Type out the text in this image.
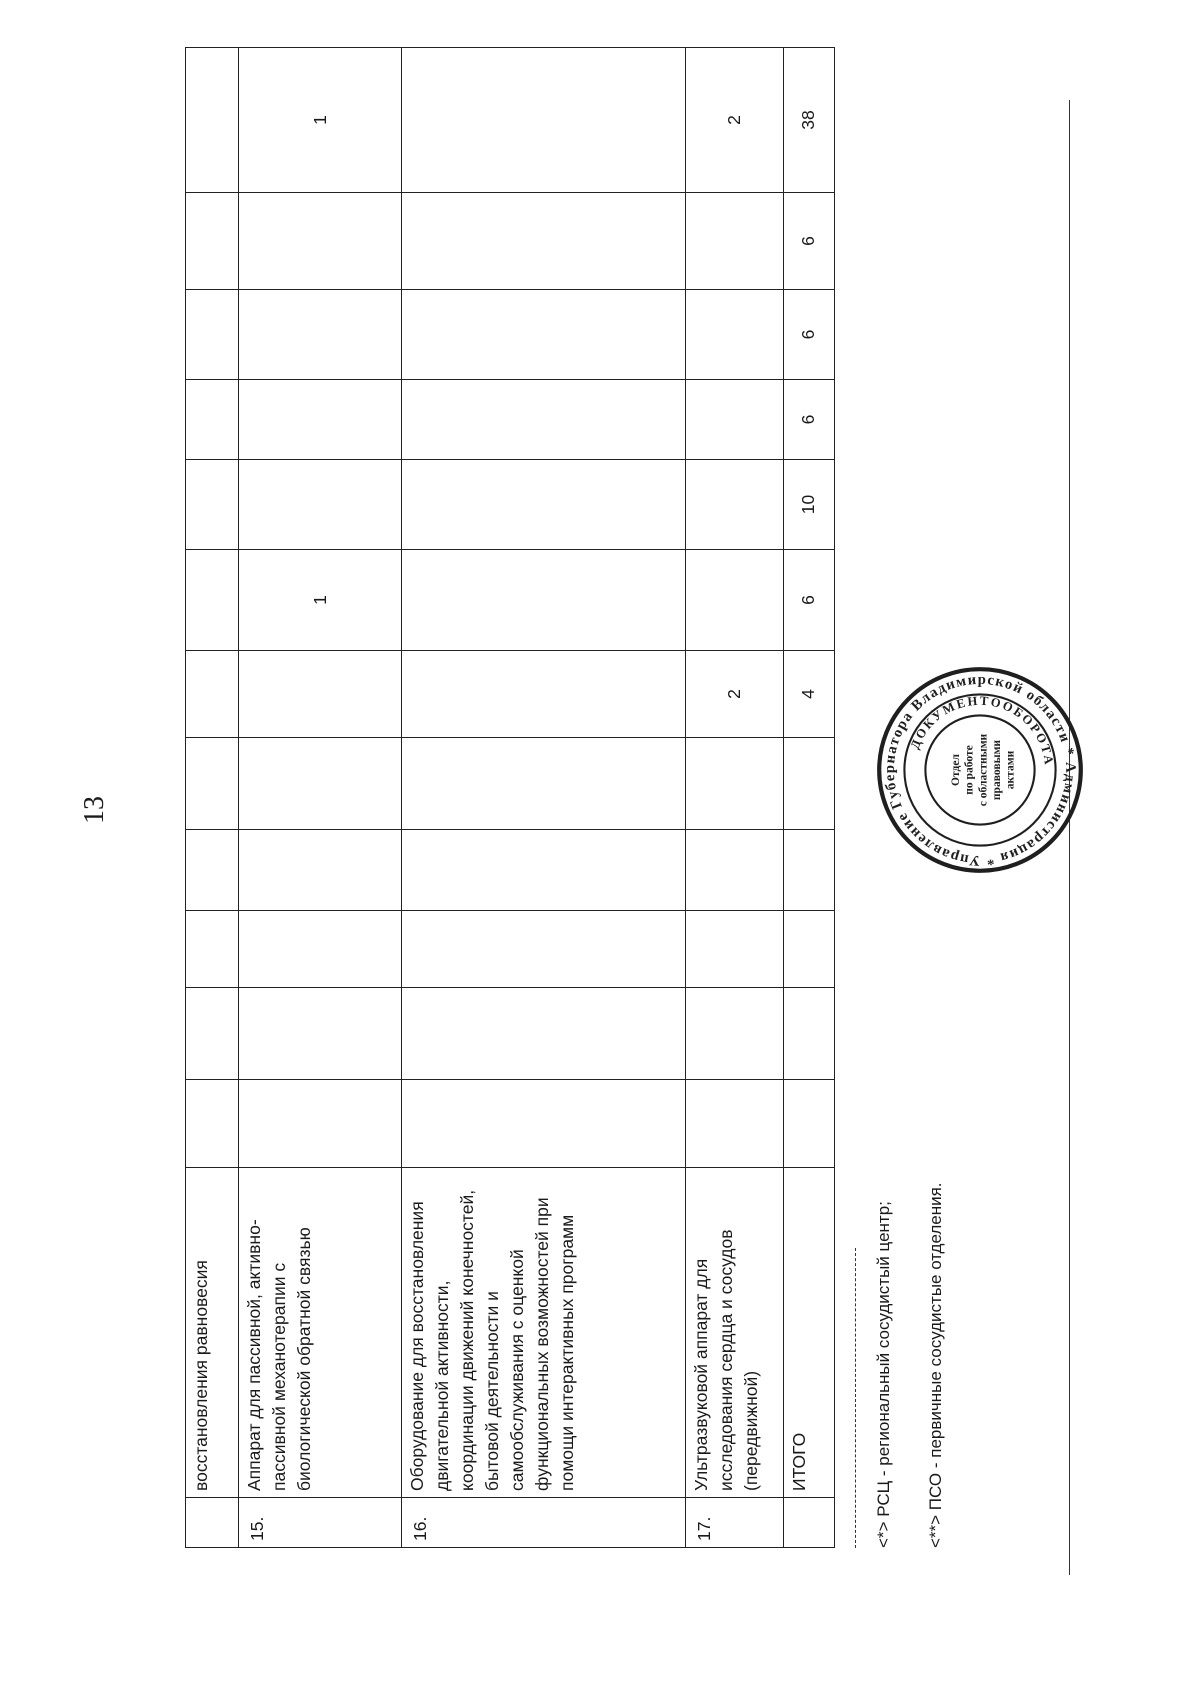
13
	восстановления равновесия												
15.	Аппарат для пассивной, активно-пассивной механотерапии с биологической обратной связью							1					1
16.	Оборудование для восстановления двигательной активности, координации движений конечностей, бытовой деятельности и самообслуживания с оценкой функциональных возможностей при помощи интерактивных программ												
17.	Ультразвуковой аппарат для исследования сердца и сосудов (передвижной)						2						2
	ИТОГО						4	6	10	6	6	6	38
<*> РСЦ - региональный сосудистый центр; <**> ПСО - первичные сосудистые отделения.
Управление Губернатора Владимирской области * Администрация *
ДОКУМЕНТООБОРОТА
Отдел по работе с областными правовыми актами
